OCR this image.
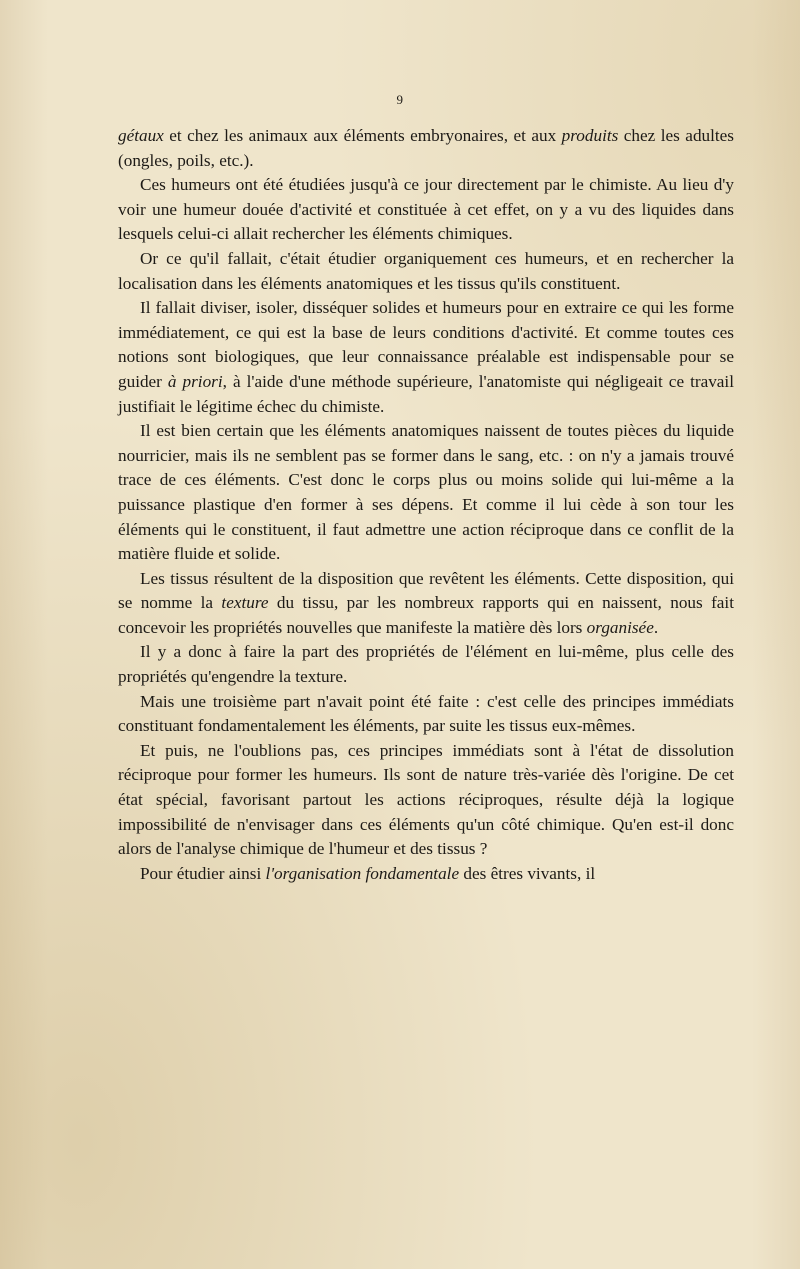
9

gétaux et chez les animaux aux éléments embryonaires, et aux produits chez les adultes (ongles, poils, etc.).

Ces humeurs ont été étudiées jusqu'à ce jour directement par le chimiste. Au lieu d'y voir une humeur douée d'activité et constituée à cet effet, on y a vu des liquides dans lesquels celui-ci allait rechercher les éléments chimiques.

Or ce qu'il fallait, c'était étudier organiquement ces humeurs, et en rechercher la localisation dans les éléments anatomiques et les tissus qu'ils constituent.

Il fallait diviser, isoler, disséquer solides et humeurs pour en extraire ce qui les forme immédiatement, ce qui est la base de leurs conditions d'activité. Et comme toutes ces notions sont biologiques, que leur connaissance préalable est indispensable pour se guider à priori, à l'aide d'une méthode supérieure, l'anatomiste qui négligeait ce travail justifiait le légitime échec du chimiste.

Il est bien certain que les éléments anatomiques naissent de toutes pièces du liquide nourricier, mais ils ne semblent pas se former dans le sang, etc. : on n'y a jamais trouvé trace de ces éléments. C'est donc le corps plus ou moins solide qui lui-même a la puissance plastique d'en former à ses dépens. Et comme il lui cède à son tour les éléments qui le constituent, il faut admettre une action réciproque dans ce conflit de la matière fluide et solide.

Les tissus résultent de la disposition que revêtent les éléments. Cette disposition, qui se nomme la texture du tissu, par les nombreux rapports qui en naissent, nous fait concevoir les propriétés nouvelles que manifeste la matière dès lors organisée.

Il y a donc à faire la part des propriétés de l'élément en lui-même, plus celle des propriétés qu'engendre la texture.

Mais une troisième part n'avait point été faite : c'est celle des principes immédiats constituant fondamentalement les éléments, par suite les tissus eux-mêmes.

Et puis, ne l'oublions pas, ces principes immédiats sont à l'état de dissolution réciproque pour former les humeurs. Ils sont de nature très-variée dès l'origine. De cet état spécial, favorisant partout les actions réciproques, résulte déjà la logique impossibilité de n'envisager dans ces éléments qu'un côté chimique. Qu'en est-il donc alors de l'analyse chimique de l'humeur et des tissus ?

Pour étudier ainsi l'organisation fondamentale des êtres vivants, il
